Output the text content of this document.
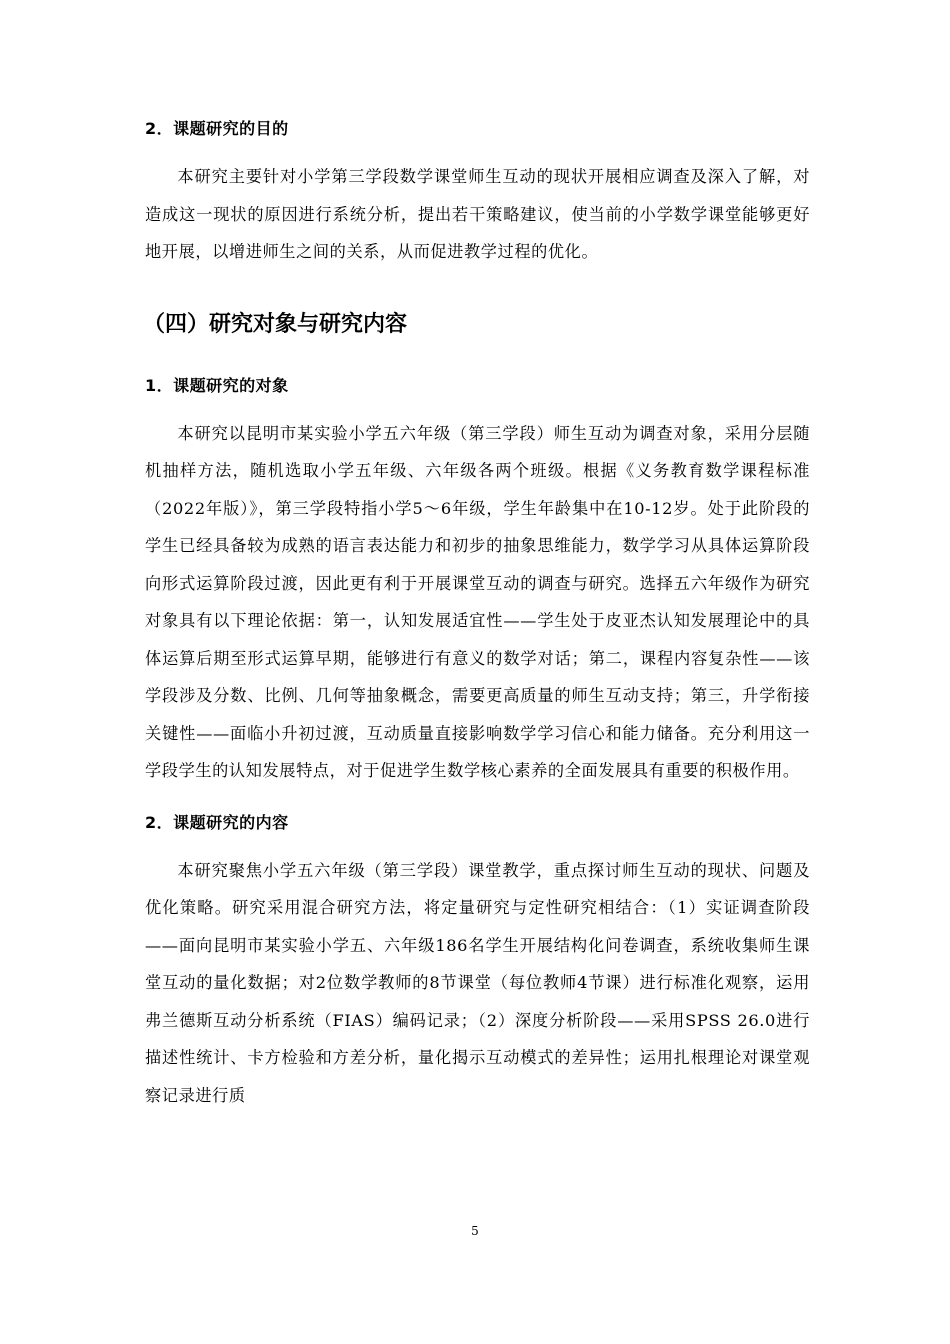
2．课题研究的目的

本研究主要针对小学第三学段数学课堂师生互动的现状开展相应调查及深入了解，对造成这一现状的原因进行系统分析，提出若干策略建议，使当前的小学数学课堂能够更好地开展，以增进师生之间的关系，从而促进教学过程的优化。

（四）研究对象与研究内容

1．课题研究的对象

本研究以昆明市某实验小学五六年级（第三学段）师生互动为调查对象，采用分层随机抽样方法，随机选取小学五年级、六年级各两个班级。根据《义务教育数学课程标准（2022年版）》，第三学段特指小学5～6年级，学生年龄集中在10-12岁。处于此阶段的学生已经具备较为成熟的语言表达能力和初步的抽象思维能力，数学学习从具体运算阶段向形式运算阶段过渡，因此更有利于开展课堂互动的调查与研究。选择五六年级作为研究对象具有以下理论依据：第一，认知发展适宜性——学生处于皮亚杰认知发展理论中的具体运算后期至形式运算早期，能够进行有意义的数学对话；第二，课程内容复杂性——该学段涉及分数、比例、几何等抽象概念，需要更高质量的师生互动支持；第三，升学衔接关键性——面临小升初过渡，互动质量直接影响数学学习信心和能力储备。充分利用这一学段学生的认知发展特点，对于促进学生数学核心素养的全面发展具有重要的积极作用。

2．课题研究的内容

本研究聚焦小学五六年级（第三学段）课堂教学，重点探讨师生互动的现状、问题及优化策略。研究采用混合研究方法，将定量研究与定性研究相结合：（1）实证调查阶段——面向昆明市某实验小学五、六年级186名学生开展结构化问卷调查，系统收集师生课堂互动的量化数据；对2位数学教师的8节课堂（每位教师4节课）进行标准化观察，运用弗兰德斯互动分析系统（FIAS）编码记录；（2）深度分析阶段——采用SPSS 26.0进行描述性统计、卡方检验和方差分析，量化揭示互动模式的差异性；运用扎根理论对课堂观察记录进行质

5
